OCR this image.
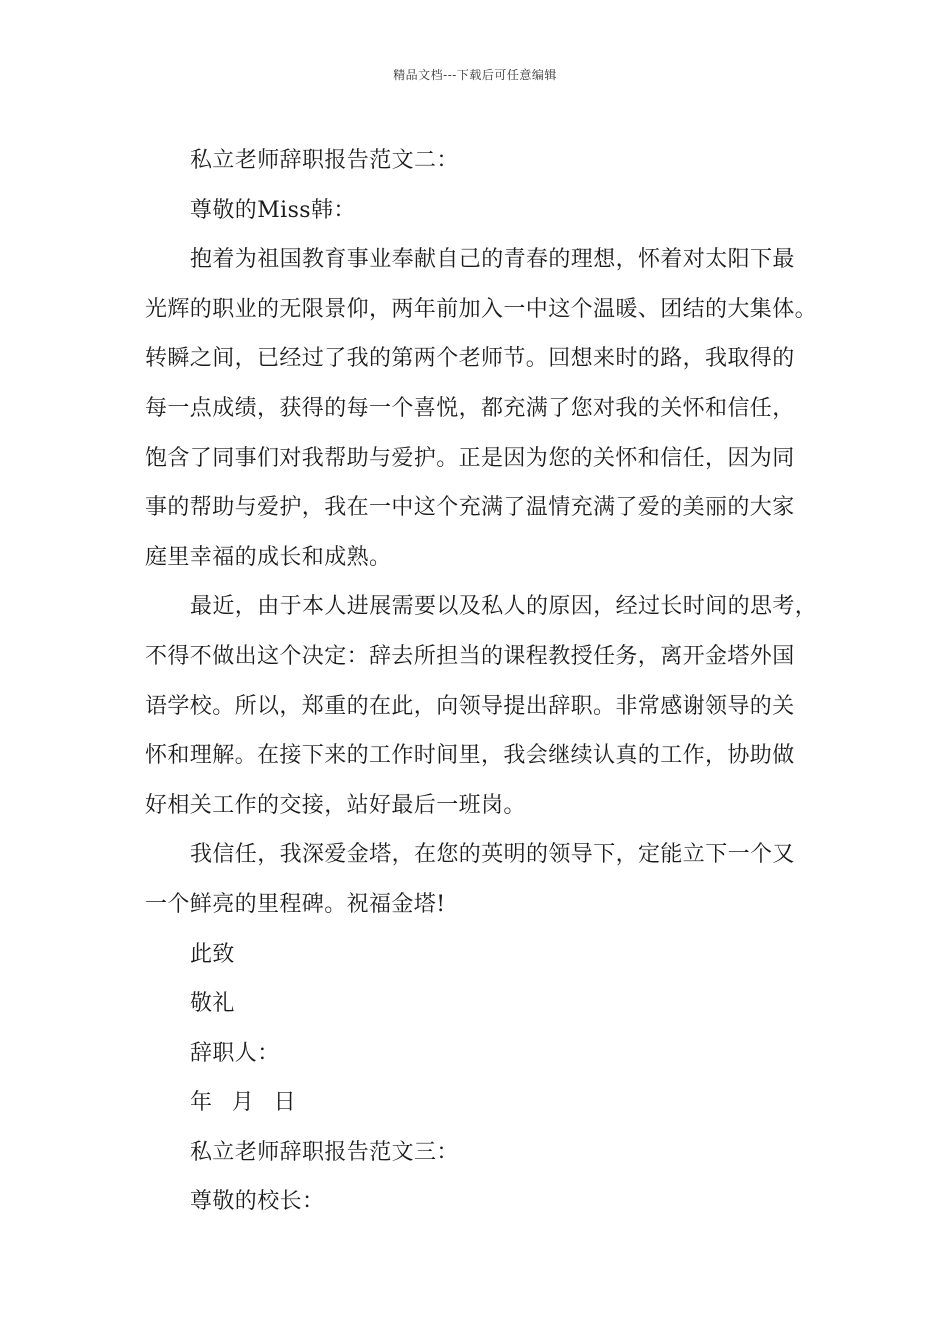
精品文档---下载后可任意编辑
私立老师辞职报告范文二：
尊敬的Miss韩：
抱着为祖国教育事业奉献自己的青春的理想，怀着对太阳下最
光辉的职业的无限景仰，两年前加入一中这个温暖、团结的大集体。
转瞬之间，已经过了我的第两个老师节。回想来时的路，我取得的
每一点成绩，获得的每一个喜悦，都充满了您对我的关怀和信任，
饱含了同事们对我帮助与爱护。正是因为您的关怀和信任，因为同
事的帮助与爱护，我在一中这个充满了温情充满了爱的美丽的大家
庭里幸福的成长和成熟。
最近，由于本人进展需要以及私人的原因，经过长时间的思考，
不得不做出这个决定：辞去所担当的课程教授任务，离开金塔外国
语学校。所以，郑重的在此，向领导提出辞职。非常感谢领导的关
怀和理解。在接下来的工作时间里，我会继续认真的工作，协助做
好相关工作的交接，站好最后一班岗。
我信任，我深爱金塔，在您的英明的领导下，定能立下一个又
一个鲜亮的里程碑。祝福金塔!
此致
敬礼
辞职人：
年 月 日
私立老师辞职报告范文三：
尊敬的校长：
